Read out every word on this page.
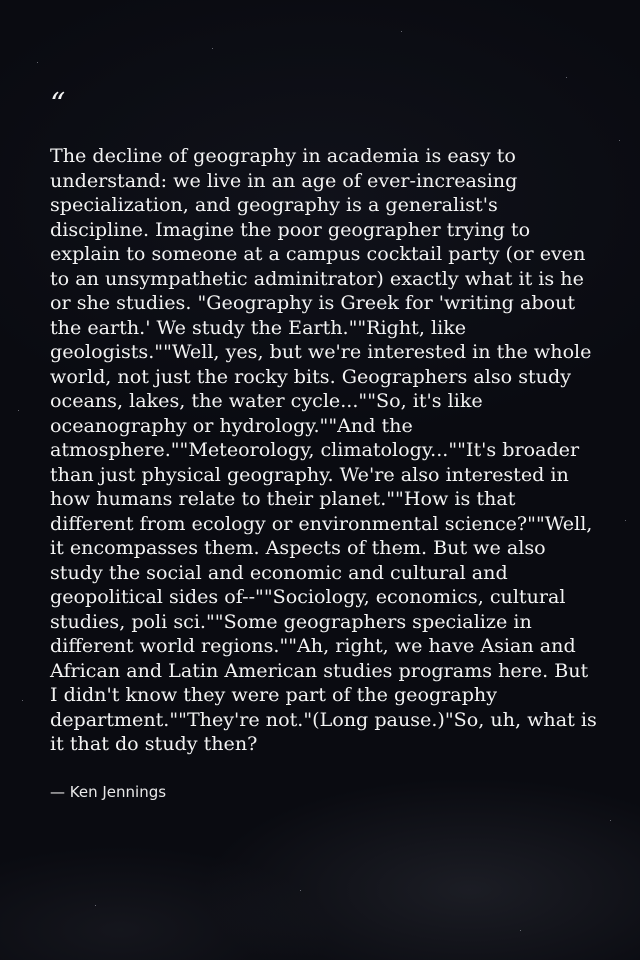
“

The decline of geography in academia is easy to understand: we live in an age of ever-increasing specialization, and geography is a generalist's discipline. Imagine the poor geographer trying to explain to someone at a campus cocktail party (or even to an unsympathetic adminitrator) exactly what it is he or she studies. "Geography is Greek for 'writing about the earth.' We study the Earth.""Right, like geologists.""Well, yes, but we're interested in the whole world, not just the rocky bits. Geographers also study oceans, lakes, the water cycle...""So, it's like oceanography or hydrology.""And the atmosphere.""Meteorology, climatology...""It's broader than just physical geography. We're also interested in how humans relate to their planet.""How is that different from ecology or environmental science?""Well, it encompasses them. Aspects of them. But we also study the social and economic and cultural and geopolitical sides of--""Sociology, economics, cultural studies, poli sci.""Some geographers specialize in different world regions.""Ah, right, we have Asian and African and Latin American studies programs here. But I didn't know they were part of the geography department.""They're not."(Long pause.)"So, uh, what is it that do study then?

— Ken Jennings
